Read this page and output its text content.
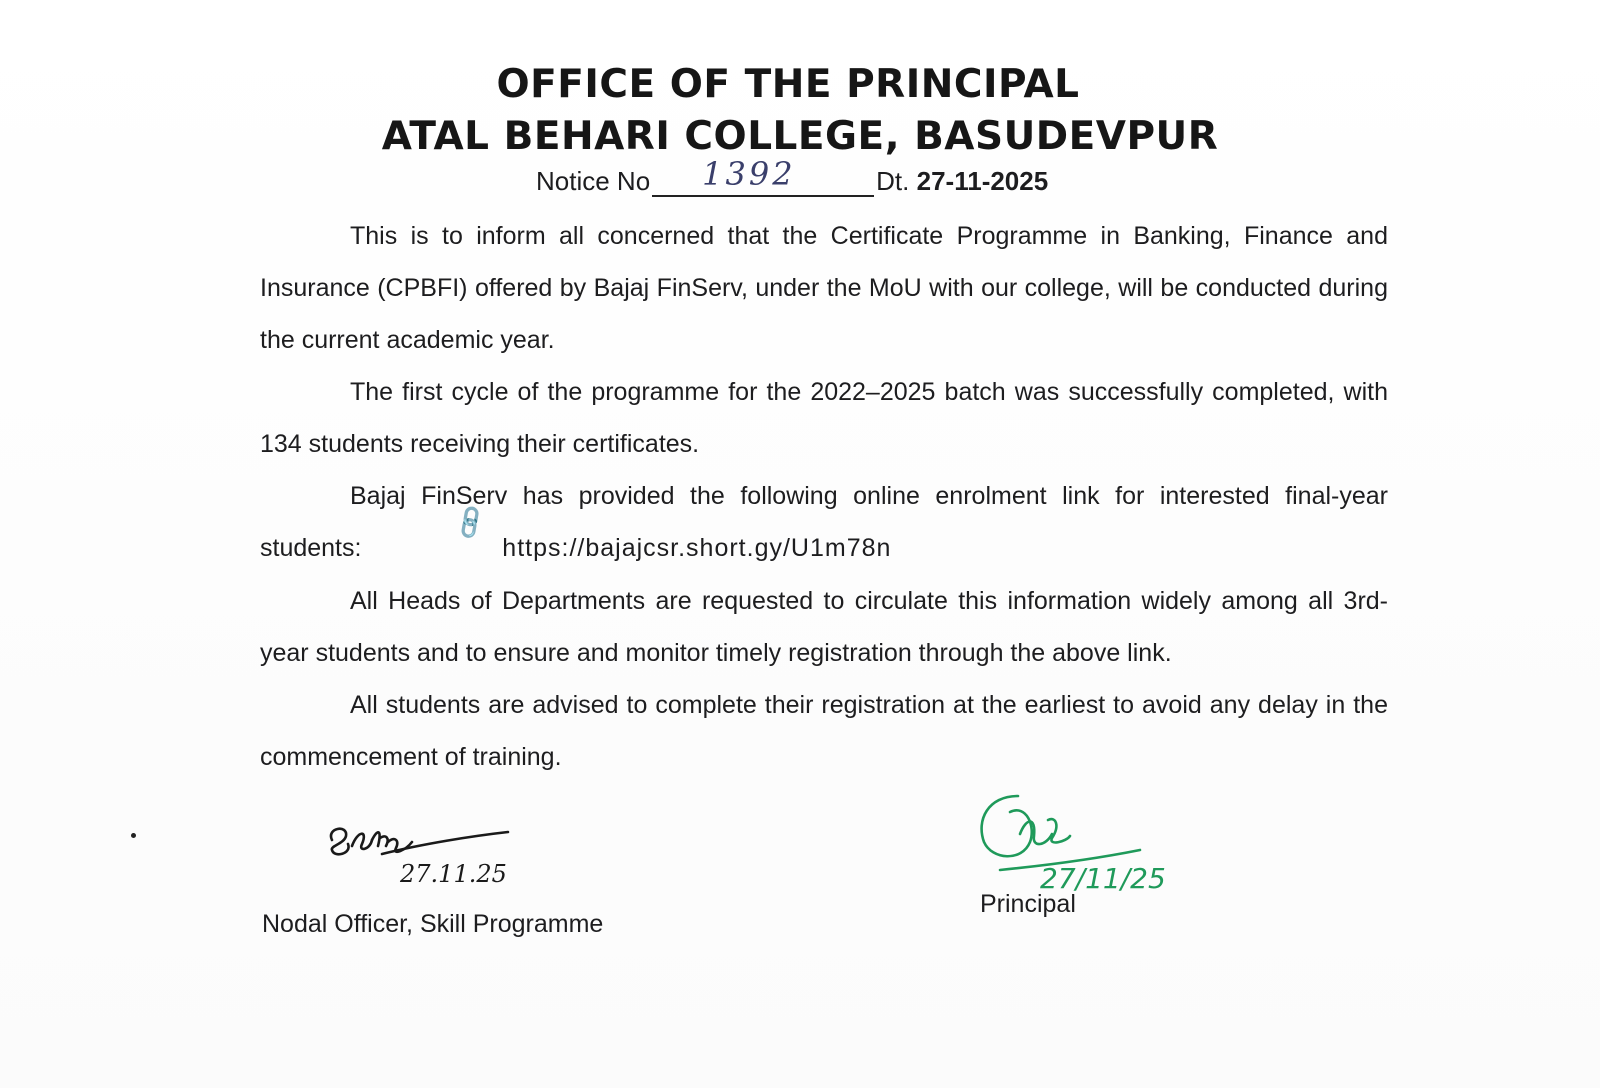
OFFICE OF THE PRINCIPAL
ATAL BEHARI COLLEGE, BASUDEVPUR
Notice No 1392	Dt. 27-11-2025

This is to inform all concerned that the Certificate Programme in Banking, Finance and Insurance (CPBFI) offered by Bajaj FinServ, under the MoU with our college, will be conducted during the current academic year.

The first cycle of the programme for the 2022–2025 batch was successfully completed, with 134 students receiving their certificates.

Bajaj FinServ has provided the following online enrolment link for interested final-year students: 🔗https://bajajcsr.short.gy/U1m78n

All Heads of Departments are requested to circulate this information widely among all 3rd-year students and to ensure and monitor timely registration through the above link.

All students are advised to complete their registration at the earliest to avoid any delay in the commencement of training.

27.11.25
Nodal Officer, Skill Programme
27/11/25
Principal
